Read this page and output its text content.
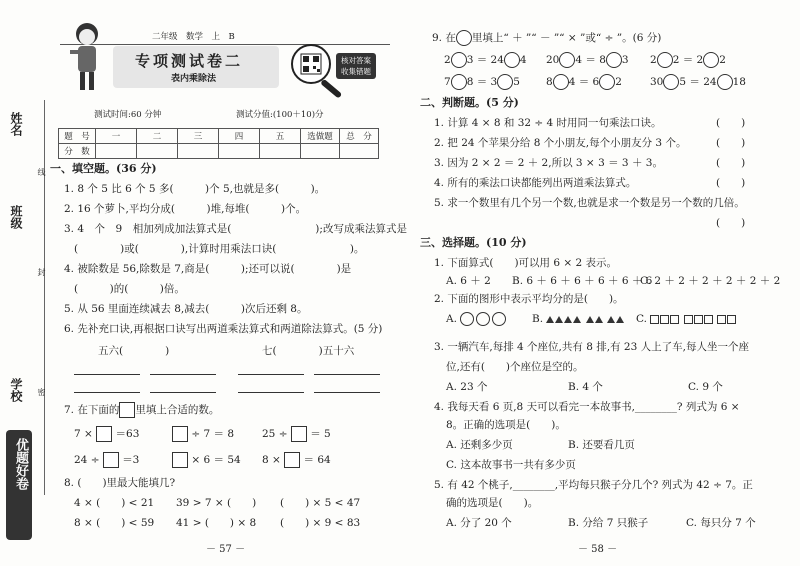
姓名
班级
学校
线
封
密
优题好卷
二年级　数学　上　B
专项测试卷二
表内乘除法
核对答案
收集错题
测试时间:60 分钟	测试分值:(100＋10)分
题　号	一	二	三	四	五	选做题	总　分
分　数							
一、填空题。(36 分)
1. 8 个 5 比 6 个 5 多(　　　)个 5,也就是多(　　　)。
2. 16 个萝卜,平均分成(　　　)堆,每堆(　　　)个。
3. 4　个　9　相加列成加法算式是(　　　　　　　　);改写成乘法算式是
(　　　　)或(　　　　),计算时用乘法口诀(　　　　　　　)。
4. 被除数是 56,除数是 7,商是(　　　);还可以说(　　　　)是
(　　　)的(　　　)倍。
5. 从 56 里面连续减去 8,减去(　　　)次后还剩 8。
6. 先补充口诀,再根据口诀写出两道乘法算式和两道除法算式。(5 分)
五六(　　　　)	七(　　　　)五十六
7. 在下面的 里填上合适的数。
7 × ＝63	÷ 7 ＝ 8	25 ÷ ＝ 5
24 ÷ ＝3	× 6 ＝ 54 8 × ＝ 64
8. (　　)里最大能填几?
4 × (　　) < 21 39 > 7 × (　　) (　　) × 5 < 47
8 × (　　) < 59 41 > (　　) × 8 (　　) × 9 < 83
－ 57 －
9. 在 里填上“ ＋ ”“ － ”“ × ”或“ ÷ ”。(6 分)
2 3 ＝ 24 4 20 4 ＝ 8 3 2 2 ＝ 2 2
7 8 ＝ 3 5 8 4 ＝ 6 2	30 5 ＝ 24 18
二、判断题。(5 分)
1. 计算 4 × 8 和 32 ÷ 4 时用同一句乘法口诀。	(　　)
2. 把 24 个苹果分给 8 个小朋友,每个小朋友分 3 个。	(　　)
3. 因为 2 × 2 ＝ 2 ＋ 2,所以 3 × 3 ＝ 3 ＋ 3。	(　　)
4. 所有的乘法口诀都能列出两道乘法算式。	(　　)
5. 求一个数里有几个另一个数,也就是求一个数是另一个数的几倍。
(　　)
三、选择题。(10 分)
1. 下面算式(　　)可以用 6 × 2 表示。
A. 6 ＋ 2 B. 6 ＋ 6 ＋ 6 ＋ 6 ＋ 6 ＋ 6
C. 2 ＋ 2 ＋ 2 ＋ 2 ＋ 2 ＋ 2
2. 下面的图形中表示平均分的是(　　)。
A.	B.	C.
3. 一辆汽车,每排 4 个座位,共有 8 排,有 23 人上了车,每人坐一个座
位,还有(　　)个座位是空的。
A. 23 个	B. 4 个	C. 9 个
4. 我每天看 6 页,8 天可以看完一本故事书,________? 列式为 6 ×
8。正确的选项是(　　)。
A. 还剩多少页	B. 还要看几页
C. 这本故事书一共有多少页
5. 有 42 个桃子,________,平均每只猴子分几个? 列式为 42 ÷ 7。正
确的选项是(　　)。
A. 分了 20 个	B. 分给 7 只猴子	C. 每只分 7 个
－ 58 －
